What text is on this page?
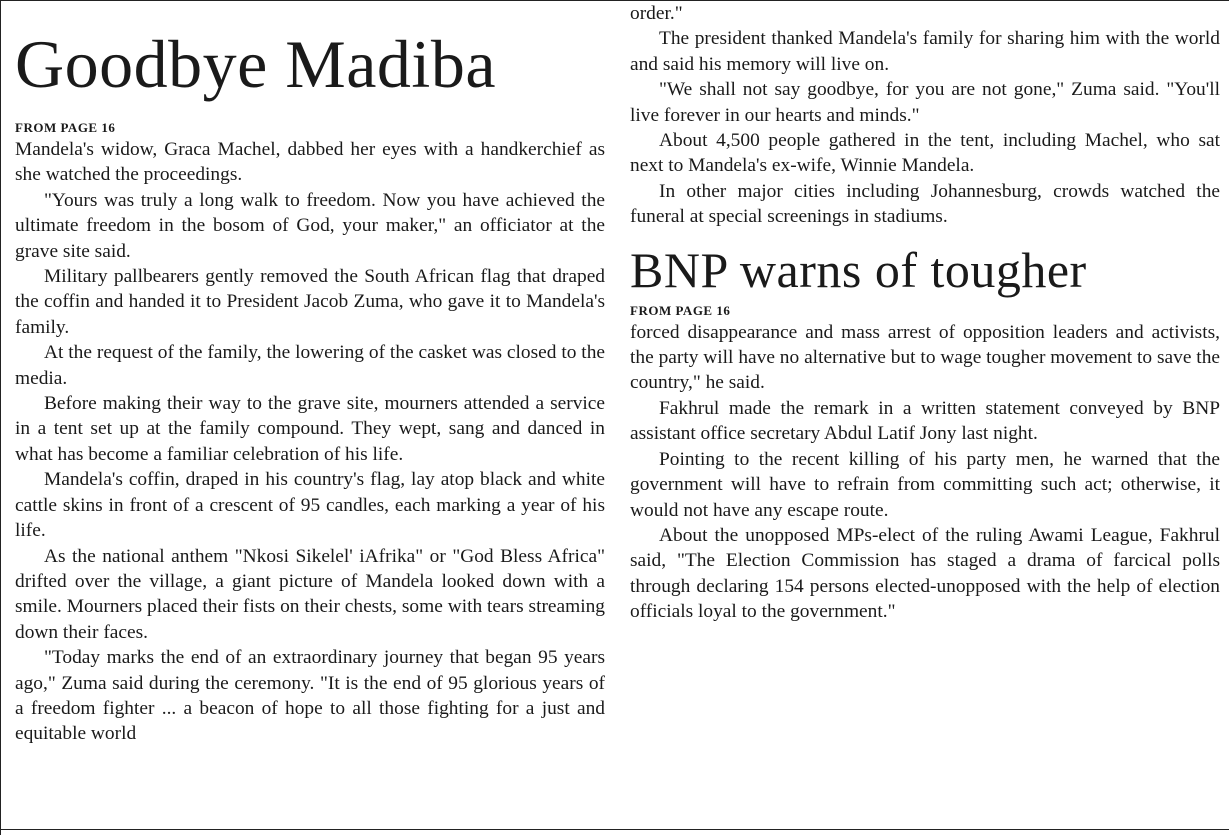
Goodbye Madiba
FROM PAGE 16

Mandela's widow, Graca Machel, dabbed her eyes with a handkerchief as she watched the proceedings.

"Yours was truly a long walk to freedom. Now you have achieved the ultimate freedom in the bosom of God, your maker," an officiator at the grave site said.

Military pallbearers gently removed the South African flag that draped the coffin and handed it to President Jacob Zuma, who gave it to Mandela's family.

At the request of the family, the lowering of the casket was closed to the media.

Before making their way to the grave site, mourners attended a service in a tent set up at the family compound. They wept, sang and danced in what has become a familiar celebration of his life.

Mandela's coffin, draped in his country's flag, lay atop black and white cattle skins in front of a crescent of 95 candles, each marking a year of his life.

As the national anthem "Nkosi Sikelel' iAfrika" or "God Bless Africa" drifted over the village, a giant picture of Mandela looked down with a smile. Mourners placed their fists on their chests, some with tears streaming down their faces.

"Today marks the end of an extraordinary journey that began 95 years ago," Zuma said during the ceremony. "It is the end of 95 glorious years of a freedom fighter ... a beacon of hope to all those fighting for a just and equitable world

order."

The president thanked Mandela's family for sharing him with the world and said his memory will live on.

"We shall not say goodbye, for you are not gone," Zuma said. "You'll live forever in our hearts and minds."

About 4,500 people gathered in the tent, including Machel, who sat next to Mandela's ex-wife, Winnie Mandela.

In other major cities including Johannesburg, crowds watched the funeral at special screenings in stadiums.

BNP warns of tougher
FROM PAGE 16

forced disappearance and mass arrest of opposition leaders and activists, the party will have no alternative but to wage tougher movement to save the country," he said.

Fakhrul made the remark in a written statement conveyed by BNP assistant office secretary Abdul Latif Jony last night.

Pointing to the recent killing of his party men, he warned that the government will have to refrain from committing such act; otherwise, it would not have any escape route.

About the unopposed MPs-elect of the ruling Awami League, Fakhrul said, "The Election Commission has staged a drama of farcical polls through declaring 154 persons elected-unopposed with the help of election officials loyal to the government."
